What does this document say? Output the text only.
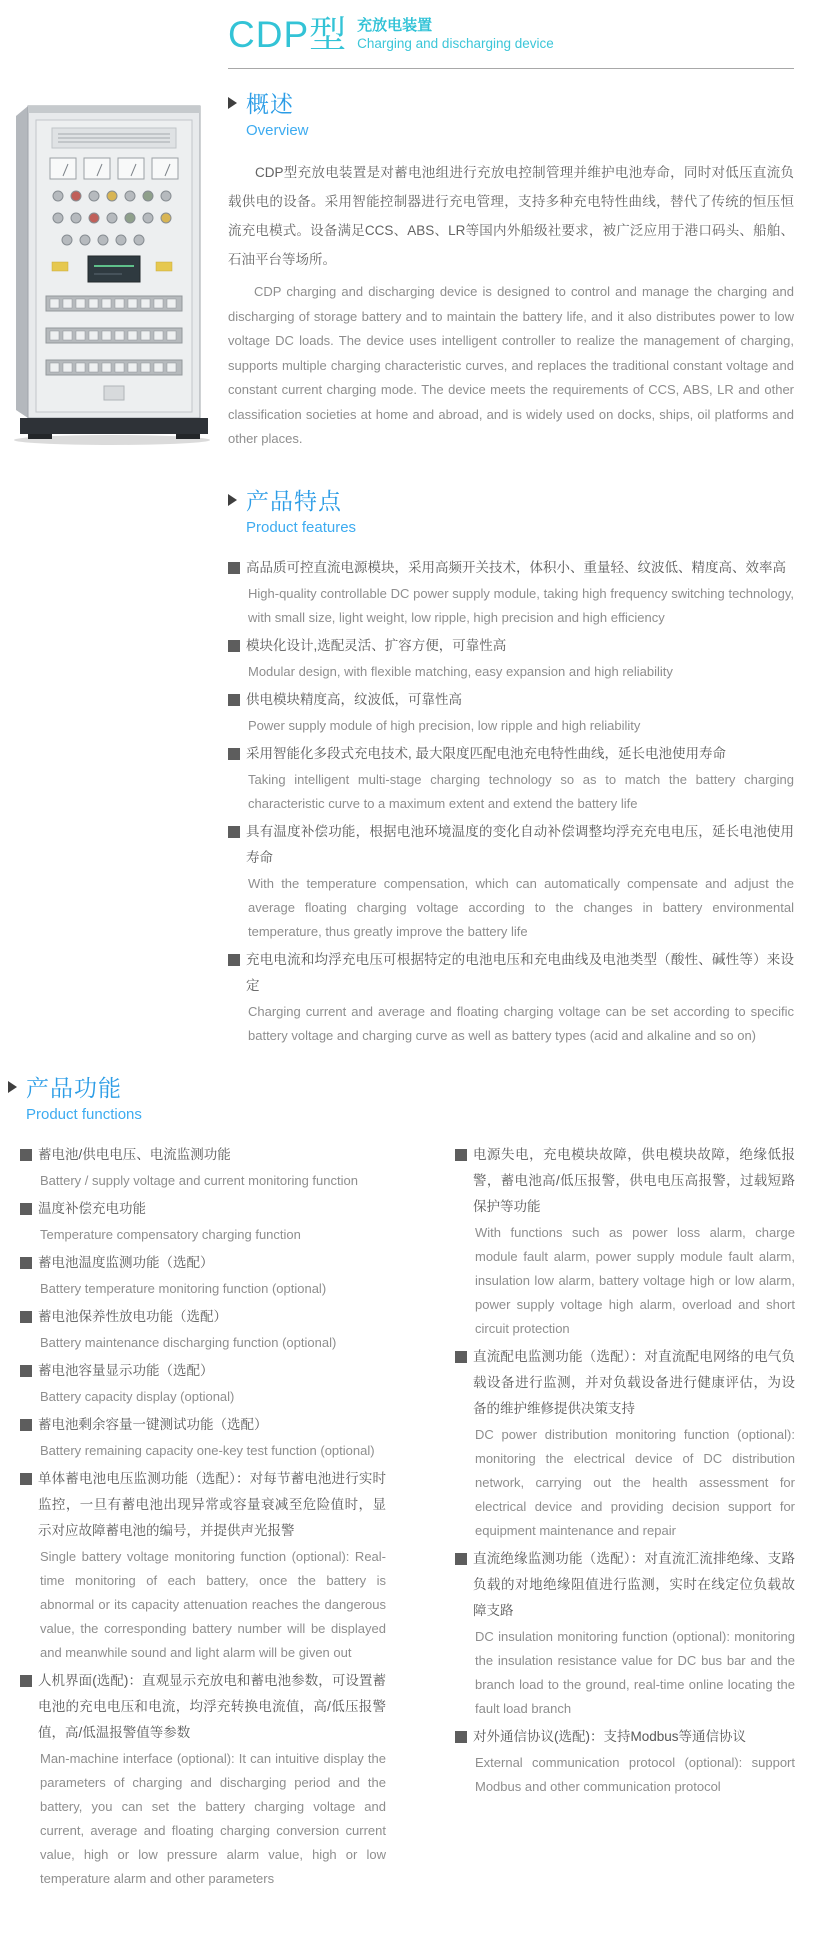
CDP型 充放电装置
Charging and discharging device
概述
Overview
CDP型充放电装置是对蓄电池组进行充放电控制管理并维护电池寿命，同时对低压直流负载供电的设备。采用智能控制器进行充电管理，支持多种充电特性曲线，替代了传统的恒压恒流充电模式。设备满足CCS、ABS、LR等国内外船级社要求，被广泛应用于港口码头、船舶、石油平台等场所。
CDP charging and discharging device is designed to control and manage the charging and discharging of storage battery and to maintain the battery life, and it also distributes power to low voltage DC loads. The device uses intelligent controller to realize the management of charging, supports multiple charging characteristic curves, and replaces the traditional constant voltage and constant current charging mode. The device meets the requirements of CCS, ABS, LR and other classification societies at home and abroad, and is widely used on docks, ships, oil platforms and other places.
产品特点
Product features
高品质可控直流电源模块，采用高频开关技术，体积小、重量轻、纹波低、精度高、效率高
High-quality controllable DC power supply module, taking high frequency switching technology, with small size, light weight, low ripple, high precision and high efficiency
模块化设计,选配灵活、扩容方便，可靠性高
Modular design, with flexible matching, easy expansion and high reliability
供电模块精度高，纹波低，可靠性高
Power supply module of high precision, low ripple and high reliability
采用智能化多段式充电技术, 最大限度匹配电池充电特性曲线，延长电池使用寿命
Taking intelligent multi-stage charging technology so as to match the battery charging characteristic curve to a maximum extent and extend the battery life
具有温度补偿功能，根据电池环境温度的变化自动补偿调整均浮充充电电压，延长电池使用寿命
With the temperature compensation, which can automatically compensate and adjust the average floating charging voltage according to the changes in battery environmental temperature, thus greatly improve the battery life
充电电流和均浮充电压可根据特定的电池电压和充电曲线及电池类型（酸性、碱性等）来设定
Charging current and average and floating charging voltage can be set according to specific battery voltage and charging curve as well as battery types (acid and alkaline and so on)
产品功能
Product functions
蓄电池/供电电压、电流监测功能
Battery / supply voltage and current monitoring function
温度补偿充电功能
Temperature compensatory charging function
蓄电池温度监测功能（选配）
Battery temperature monitoring function (optional)
蓄电池保养性放电功能（选配）
Battery maintenance discharging function (optional)
蓄电池容量显示功能（选配）
Battery capacity display (optional)
蓄电池剩余容量一键测试功能（选配）
Battery remaining capacity one-key test function (optional)
单体蓄电池电压监测功能（选配）：对每节蓄电池进行实时监控，一旦有蓄电池出现异常或容量衰减至危险值时，显示对应故障蓄电池的编号，并提供声光报警
Single battery voltage monitoring function (optional): Real-time monitoring of each battery, once the battery is abnormal or its capacity attenuation reaches the dangerous value, the corresponding battery number will be displayed and meanwhile sound and light alarm will be given out
人机界面(选配)：直观显示充放电和蓄电池参数，可设置蓄电池的充电电压和电流，均浮充转换电流值，高/低压报警值，高/低温报警值等参数
Man-machine interface (optional): It can intuitive display the parameters of charging and discharging period and the battery, you can set the battery charging voltage and current, average and floating charging conversion current value, high or low pressure alarm value, high or low temperature alarm and other parameters
电源失电，充电模块故障，供电模块故障，绝缘低报警，蓄电池高/低压报警，供电电压高报警，过载短路保护等功能
With functions such as power loss alarm, charge module fault alarm, power supply module fault alarm, insulation low alarm, battery voltage high or low alarm, power supply voltage high alarm, overload and short circuit protection
直流配电监测功能（选配）：对直流配电网络的电气负载设备进行监测，并对负载设备进行健康评估，为设备的维护维修提供决策支持
DC power distribution monitoring function (optional): monitoring the electrical device of DC distribution network, carrying out the health assessment for electrical device and providing decision support for equipment maintenance and repair
直流绝缘监测功能（选配）：对直流汇流排绝缘、支路负载的对地绝缘阻值进行监测，实时在线定位负载故障支路
DC insulation monitoring function (optional): monitoring the insulation resistance value for DC bus bar and the branch load to the ground, real-time online locating the fault load branch
对外通信协议(选配)：支持Modbus等通信协议
External communication protocol (optional): support Modbus and other communication protocol
